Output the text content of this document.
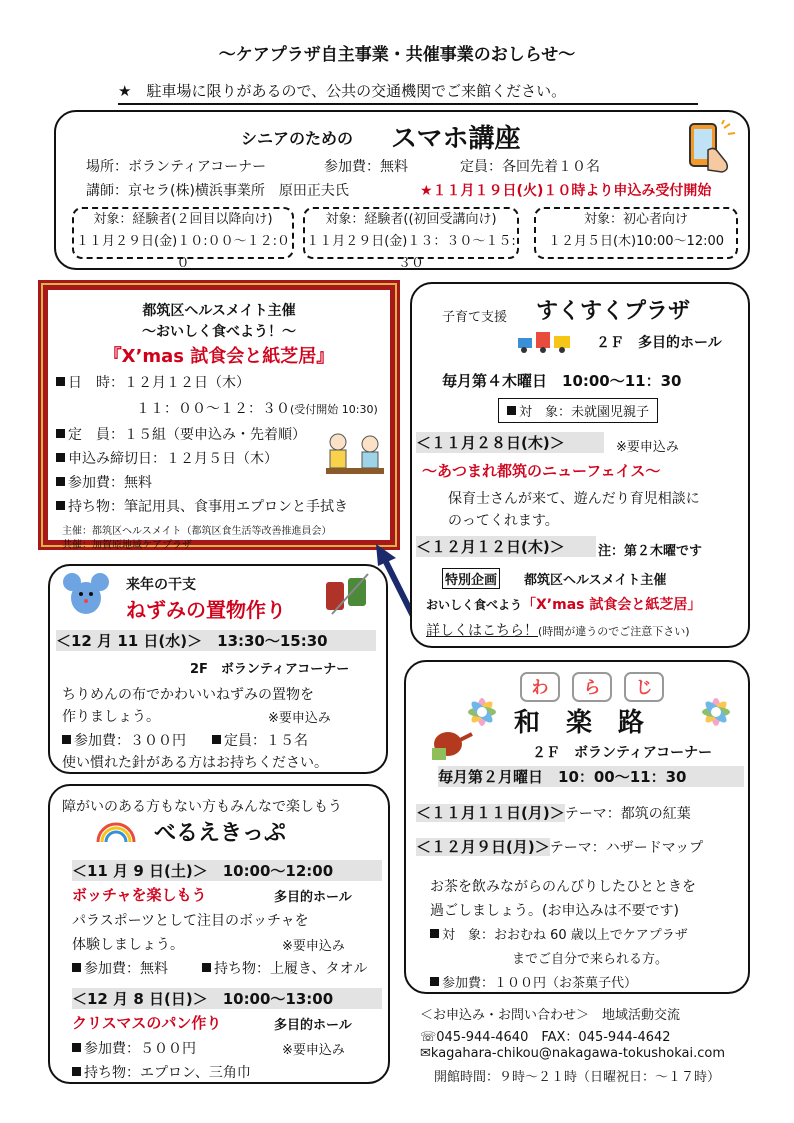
～ケアプラザ自主事業・共催事業のおしらせ～
★　駐車場に限りがあるので、公共の交通機関でご来館ください。
シニアのための スマホ講座
場所：ボランティアコーナー	参加費：無料	定員：各回先着１０名
講師：京セラ(株)横浜事業所　原田正夫氏	★１１月１９日(火)１０時より申込み受付開始
対象：経験者(２回目以降向け)
１１月２９日(金)１０:００～１２:００
対象：経験者((初回受講向け)
１１月２９日(金)１３：３０～１５:３０
対象：初心者向け
１２月５日(木)10:00～12:00
都筑区ヘルスメイト主催
～おいしく食べよう！～
『X’mas 試食会と紙芝居』
日　時：１２月１２日（木）
１１：００～１２：３０(受付開始 10:30)
定　員：１５組（要申込み・先着順）
申込み締切日：１２月５日（木）
参加費：無料
持ち物：筆記用具、食事用エプロンと手拭き
主催：都筑区ヘルスメイト（都筑区食生活等改善推進員会）
共催：加賀原地域ケアプラザ
子育て支援 すくすくプラザ
２Ｆ　多目的ホール
毎月第４木曜日　10:00～11：30
対　象：未就園児親子
＜１１月２８日(木)＞	※要申込み
～あつまれ都筑のニューフェイス～
保育士さんが来て、遊んだり育児相談に
のってくれます。
＜１２月１２日(木)＞	注：第２木曜です
特別企画 都筑区ヘルスメイト主催
おいしく食べよう「X’mas 試食会と紙芝居」
詳しくはこちら！(時間が違うのでご注意下さい)
来年の干支
ねずみの置物作り
＜12 月 11 日(水)＞　13:30～15:30
2F　ボランティアコーナー
ちりめんの布でかわいいねずみの置物を
作りましょう。	※要申込み
参加費：３００円	定員：１５名
使い慣れた針がある方はお持ちください。
わ ら じ
和　楽　路
２Ｆ　ボランティアコーナー
毎月第２月曜日　10：00～11：30
＜１１月１１日(月)＞テーマ：都筑の紅葉
＜１２月９日(月)＞テーマ：ハザードマップ
お茶を飲みながらのんびりしたひとときを
過ごしましょう。(お申込みは不要です)
対　象：おおむね 60 歳以上でケアプラザ
までご自分で来られる方。
参加費：１００円（お茶菓子代）
障がいのある方もない方もみんなで楽しもう
べるえきっぷ
＜11 月 9 日(土)＞　10:00～12:00
ボッチャを楽しもう	多目的ホール
パラスポーツとして注目のボッチャを
体験しましょう。	※要申込み
参加費：無料	持ち物：上履き、タオル
＜12 月 8 日(日)＞　10:00～13:00
クリスマスのパン作り	多目的ホール
参加費：５００円	※要申込み
持ち物：エプロン、三角巾
＜お申込み・お問い合わせ＞　地域活動交流
☏045-944-4640　FAX：045-944-4642
✉kagahara-chikou@nakagawa-tokushokai.com
開館時間：９時～２１時（日曜祝日：～１７時）
